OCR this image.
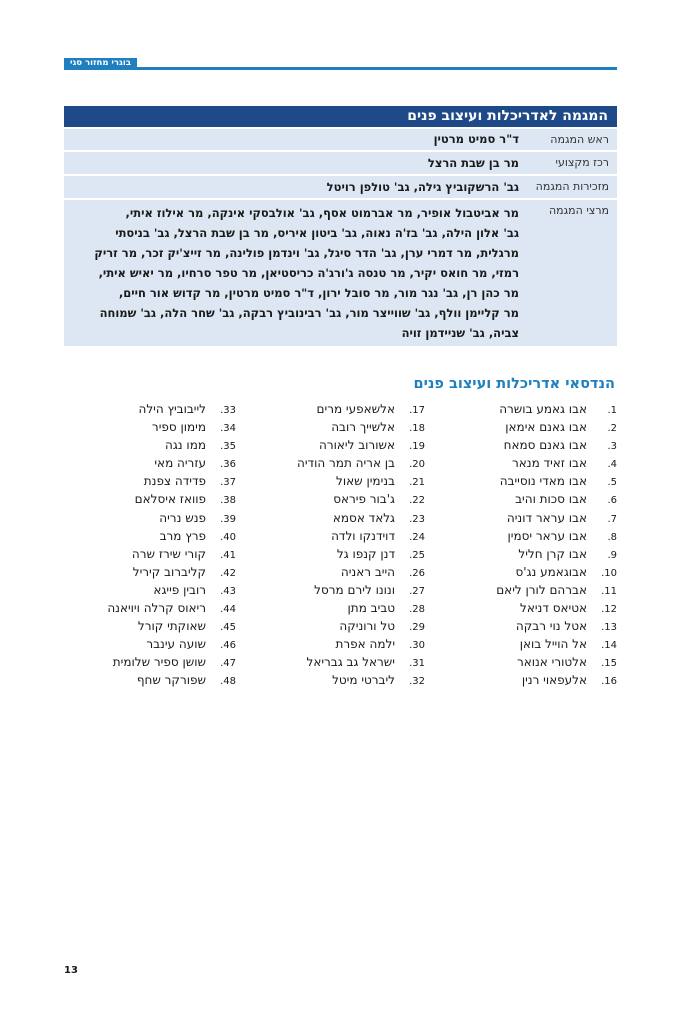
בוגרי מחזור סגי
המגמה לאדריכלות ועיצוב פנים
ראש המגמה
ד"ר סמיט מרטין
רכז מקצועי
מר בן שבת הרצל
מזכירות המגמה
גב' הרשקוביץ גילה, גב' טולפן רויטל
מרצי המגמה
מר אביטבול אופיר, מר אברמוט אסף, גב' אולבסקי אינקה, מר אילוז איתי,
גב' אלון הילה, גב' בז'ה נאוה, גב' ביטון איריס, מר בן שבת הרצל, גב' בניסתי
מרגלית, מר דמרי ערן, גב' הדר סיגל, גב' וינדמן פולינה, מר זייצ'יק זכר, מר זריק
רמזי, מר חואס יקיר, מר טנסה ג'ורג'ה כריסטיאן, מר טפר סרחיו, מר יאיש איתי,
מר כהן רן, גב' נגר מור, מר סובל ירון, ד"ר סמיט מרטין, מר קדוש אור חיים,
מר קליימן וולף, גב' שווייצר מור, גב' רבינוביץ רבקה, גב' שחר הלה, גב' שמוחה
צביה, גב' שניידמן זויה
הנדסאי אדריכלות ועיצוב פנים
1.אבו גאמע בושרה
2.אבו גאנם אימאן
3.אבו גאנם סמאח
4.אבו זאיד מנאר
5.אבו מאדי נוסייבה
6.אבו סכות והיב
7.אבו עראר דוניה
8.אבו עראר יסמין
9.אבו קרן חליל
10.אבוגאמע נג'ס
11.אברהם לורן ליאם
12.אטיאס דניאל
13.אטל נוי רבקה
14.אל הוייל בואן
15.אלטורי אנואר
16.אלעפאוי רנין
17.אלשאפעי מרים
18.אלשייך רובה
19.אשורוב ליאורה
20.בן אריה תמר הודיה
21.בנימין שאול
22.ג'בור פיראס
23.גלאד אסמא
24.דוידנקו ולדה
25.דנן קנפו גל
26.הייב ראניה
27.ונונו לירם מרסל
28.טביב מתן
29.טל ורוניקה
30.ילמה אפרת
31.ישראל גב גבריאל
32.ליברטי מיטל
33.לייבוביץ הילה
34.מימון ספיר
35.ממו נגה
36.עזריה מאי
37.פדידה צפנת
38.פוואז איסלאם
39.פנש נריה
40.פרץ מרב
41.קורי שירז שרה
42.קליברוב קיריל
43.רובין פייגא
44.ריאוס קרלה ויויאנה
45.שאוקתי קורל
46.שועה עינבר
47.שושן ספיר שלומית
48.שפורקר שחף
13
